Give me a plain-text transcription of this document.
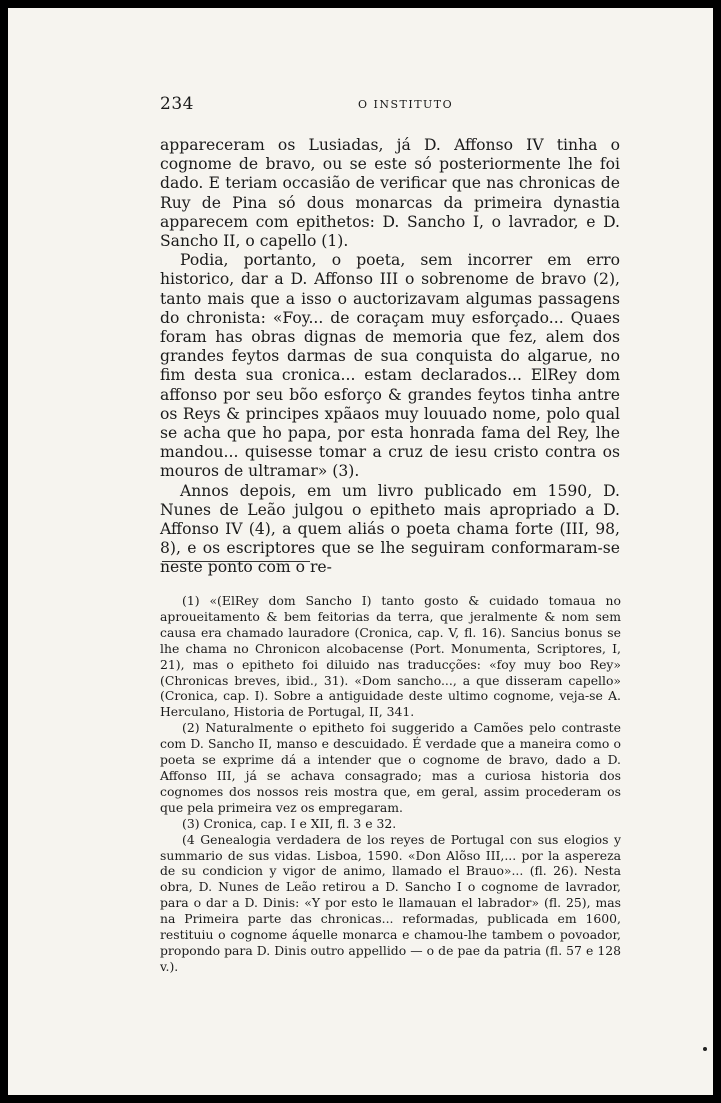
234	O INSTITUTO

appareceram os Lusiadas, já D. Affonso IV tinha o cognome de bravo, ou se este só posteriormente lhe foi dado. E teriam occasião de verificar que nas chronicas de Ruy de Pina só dous monarcas da primeira dynastia apparecem com epithetos: D. Sancho I, o lavrador, e D. Sancho II, o capello (1).

Podia, portanto, o poeta, sem incorrer em erro historico, dar a D. Affonso III o sobrenome de bravo (2), tanto mais que a isso o auctorizavam algumas passagens do chronista: «Foy... de coraçam muy esforçado... Quaes foram has obras dignas de memoria que fez, alem dos grandes feytos darmas de sua conquista do algarue, no fim desta sua cronica... estam declarados... ElRey dom affonso por seu bõo esforço & grandes feytos tinha antre os Reys & principes xpãaos muy louuado nome, polo qual se acha que ho papa, por esta honrada fama del Rey, lhe mandou... quisesse tomar a cruz de iesu cristo contra os mouros de ultramar» (3).

Annos depois, em um livro publicado em 1590, D. Nunes de Leão julgou o epitheto mais apropriado a D. Affonso IV (4), a quem aliás o poeta chama forte (III, 98, 8), e os escriptores que se lhe seguiram conformaram-se neste ponto com o re-

(1) «(ElRey dom Sancho I) tanto gosto & cuidado tomaua no aproueitamento & bem feitorias da terra, que jeralmente & nom sem causa era chamado lauradore (Cronica, cap. V, fl. 16). Sancius bonus se lhe chama no Chronicon alcobacense (Port. Monumenta, Scriptores, I, 21), mas o epitheto foi diluido nas traducções: «foy muy boo Rey» (Chronicas breves, ibid., 31). «Dom sancho..., a que disseram capello» (Cronica, cap. I). Sobre a antiguidade deste ultimo cognome, veja-se A. Herculano, Historia de Portugal, II, 341.

(2) Naturalmente o epitheto foi suggerido a Camões pelo contraste com D. Sancho II, manso e descuidado. É verdade que a maneira como o poeta se exprime dá a intender que o cognome de bravo, dado a D. Affonso III, já se achava consagrado; mas a curiosa historia dos cognomes dos nossos reis mostra que, em geral, assim procederam os que pela primeira vez os empregaram.

(3) Cronica, cap. I e XII, fl. 3 e 32.

(4 Genealogia verdadera de los reyes de Portugal con sus elogios y summario de sus vidas. Lisboa, 1590. «Don Alõso III,... por la aspereza de su condicion y vigor de animo, llamado el Brauo»... (fl. 26). Nesta obra, D. Nunes de Leão retirou a D. Sancho I o cognome de lavrador, para o dar a D. Dinis: «Y por esto le llamauan el labrador» (fl. 25), mas na Primeira parte das chronicas... reformadas, publicada em 1600, restituiu o cognome áquelle monarca e chamou-lhe tambem o povoador, propondo para D. Dinis outro appellido — o de pae da patria (fl. 57 e 128 v.).
